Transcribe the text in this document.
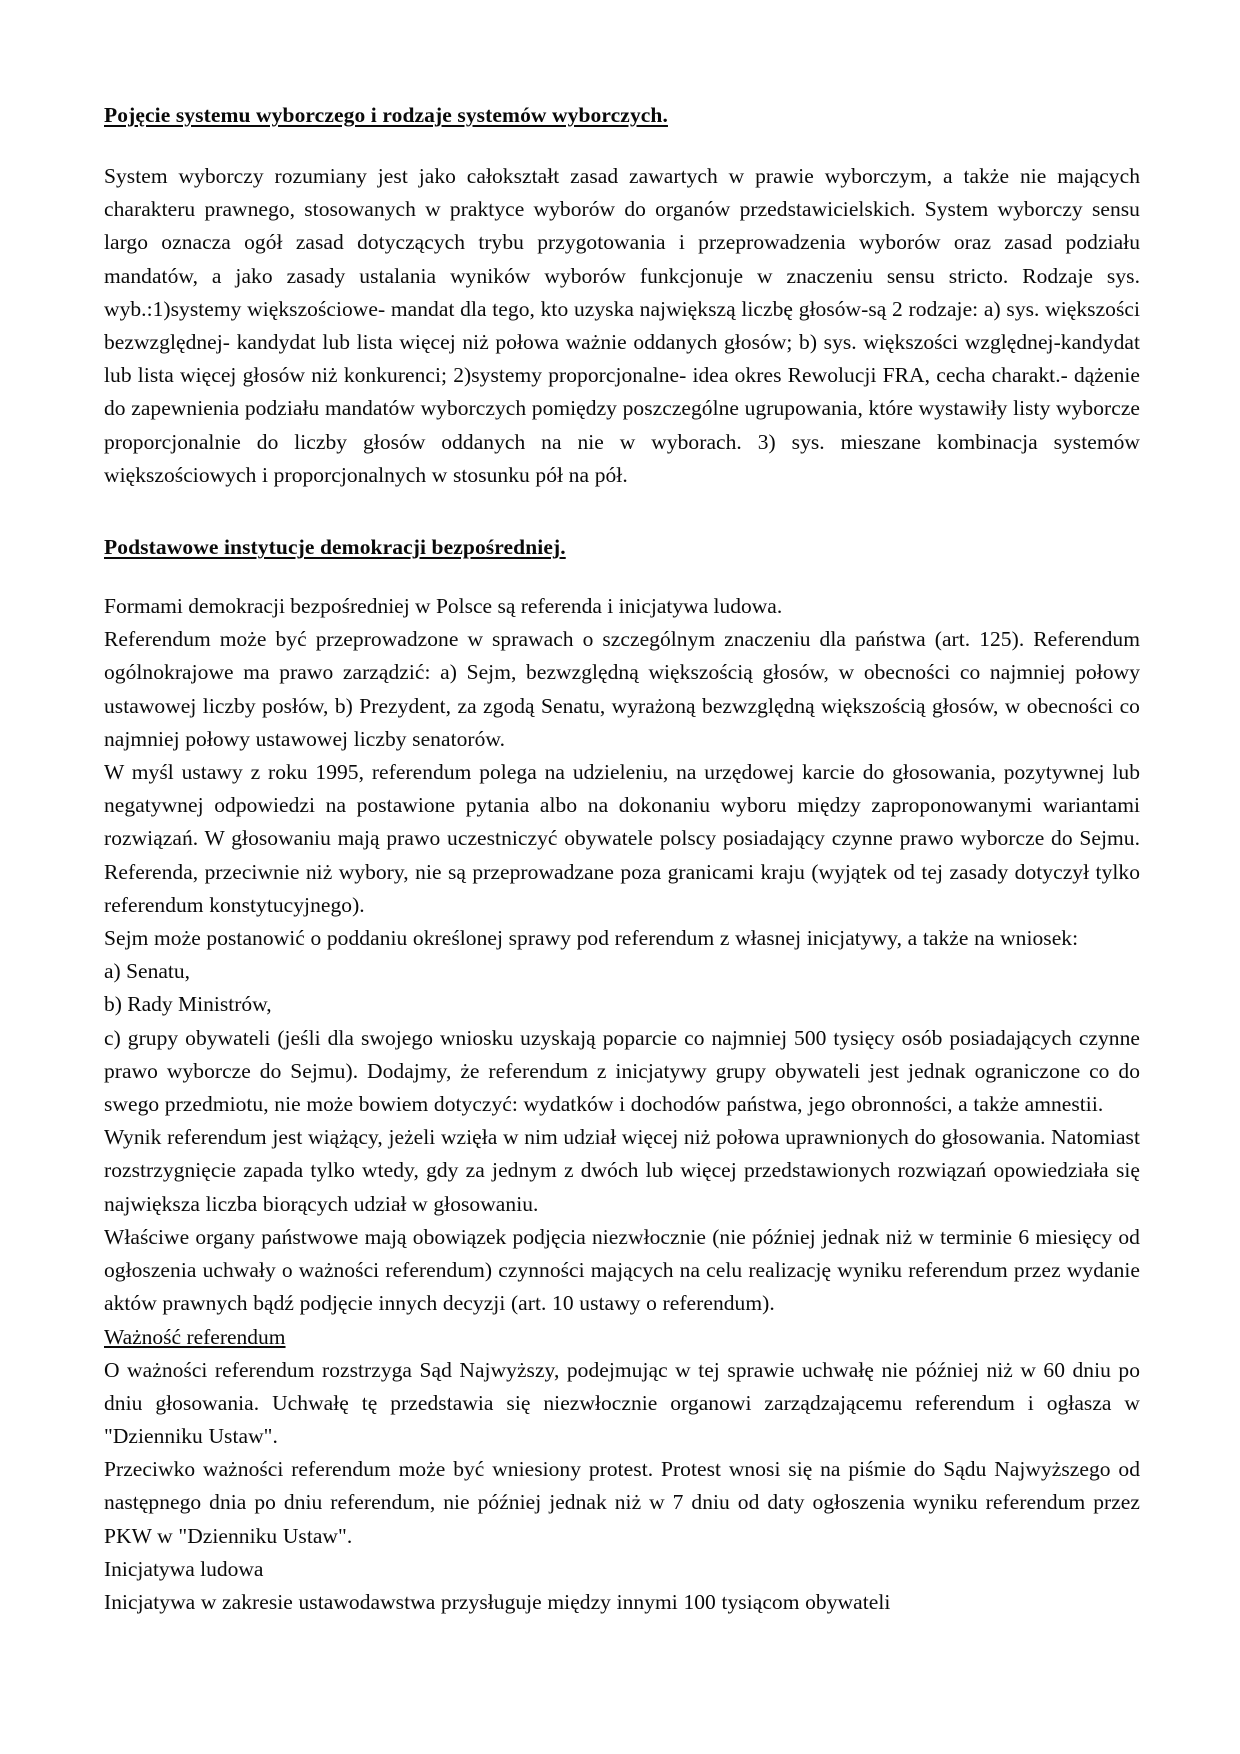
Pojęcie systemu wyborczego i rodzaje systemów wyborczych.

System wyborczy rozumiany jest jako całokształt zasad zawartych w prawie wyborczym, a także nie mających charakteru prawnego, stosowanych w praktyce wyborów do organów przedstawicielskich. System wyborczy sensu largo oznacza ogół zasad dotyczących trybu przygotowania i przeprowadzenia wyborów oraz zasad podziału mandatów, a jako zasady ustalania wyników wyborów funkcjonuje w znaczeniu sensu stricto. Rodzaje sys. wyb.:1)systemy większościowe- mandat dla tego, kto uzyska największą liczbę głosów-są 2 rodzaje: a) sys. większości bezwzględnej- kandydat lub lista więcej niż połowa ważnie oddanych głosów; b) sys. większości względnej-kandydat lub lista więcej głosów niż konkurenci; 2)systemy proporcjonalne- idea okres Rewolucji FRA, cecha charakt.- dążenie do zapewnienia podziału mandatów wyborczych pomiędzy poszczególne ugrupowania, które wystawiły listy wyborcze proporcjonalnie do liczby głosów oddanych na nie w wyborach. 3) sys. mieszane kombinacja systemów większościowych i proporcjonalnych w stosunku pół na pół.

Podstawowe instytucje demokracji bezpośredniej.

Formami demokracji bezpośredniej w Polsce są referenda i inicjatywa ludowa.

Referendum może być przeprowadzone w sprawach o szczególnym znaczeniu dla państwa (art. 125). Referendum ogólnokrajowe ma prawo zarządzić: a) Sejm, bezwzględną większością głosów, w obecności co najmniej połowy ustawowej liczby posłów, b) Prezydent, za zgodą Senatu, wyrażoną bezwzględną większością głosów, w obecności co najmniej połowy ustawowej liczby senatorów.

W myśl ustawy z roku 1995, referendum polega na udzieleniu, na urzędowej karcie do głosowania, pozytywnej lub negatywnej odpowiedzi na postawione pytania albo na dokonaniu wyboru między zaproponowanymi wariantami rozwiązań. W głosowaniu mają prawo uczestniczyć obywatele polscy posiadający czynne prawo wyborcze do Sejmu. Referenda, przeciwnie niż wybory, nie są przeprowadzane poza granicami kraju (wyjątek od tej zasady dotyczył tylko referendum konstytucyjnego).

Sejm może postanowić o poddaniu określonej sprawy pod referendum z własnej inicjatywy, a także na wniosek:

a) Senatu,

b) Rady Ministrów,

c) grupy obywateli (jeśli dla swojego wniosku uzyskają poparcie co najmniej 500 tysięcy osób posiadających czynne prawo wyborcze do Sejmu). Dodajmy, że referendum z inicjatywy grupy obywateli jest jednak ograniczone co do swego przedmiotu, nie może bowiem dotyczyć: wydatków i dochodów państwa, jego obronności, a także amnestii.

Wynik referendum jest wiążący, jeżeli wzięła w nim udział więcej niż połowa uprawnionych do głosowania. Natomiast rozstrzygnięcie zapada tylko wtedy, gdy za jednym z dwóch lub więcej przedstawionych rozwiązań opowiedziała się największa liczba biorących udział w głosowaniu.

Właściwe organy państwowe mają obowiązek podjęcia niezwłocznie (nie później jednak niż w terminie 6 miesięcy od ogłoszenia uchwały o ważności referendum) czynności mających na celu realizację wyniku referendum przez wydanie aktów prawnych bądź podjęcie innych decyzji (art. 10 ustawy o referendum).

Ważność referendum

O ważności referendum rozstrzyga Sąd Najwyższy, podejmując w tej sprawie uchwałę nie później niż w 60 dniu po dniu głosowania. Uchwałę tę przedstawia się niezwłocznie organowi zarządzającemu referendum i ogłasza w "Dzienniku Ustaw".

Przeciwko ważności referendum może być wniesiony protest. Protest wnosi się na piśmie do Sądu Najwyższego od następnego dnia po dniu referendum, nie później jednak niż w 7 dniu od daty ogłoszenia wyniku referendum przez PKW w "Dzienniku Ustaw".

Inicjatywa ludowa

Inicjatywa w zakresie ustawodawstwa przysługuje między innymi 100 tysiącom obywateli
